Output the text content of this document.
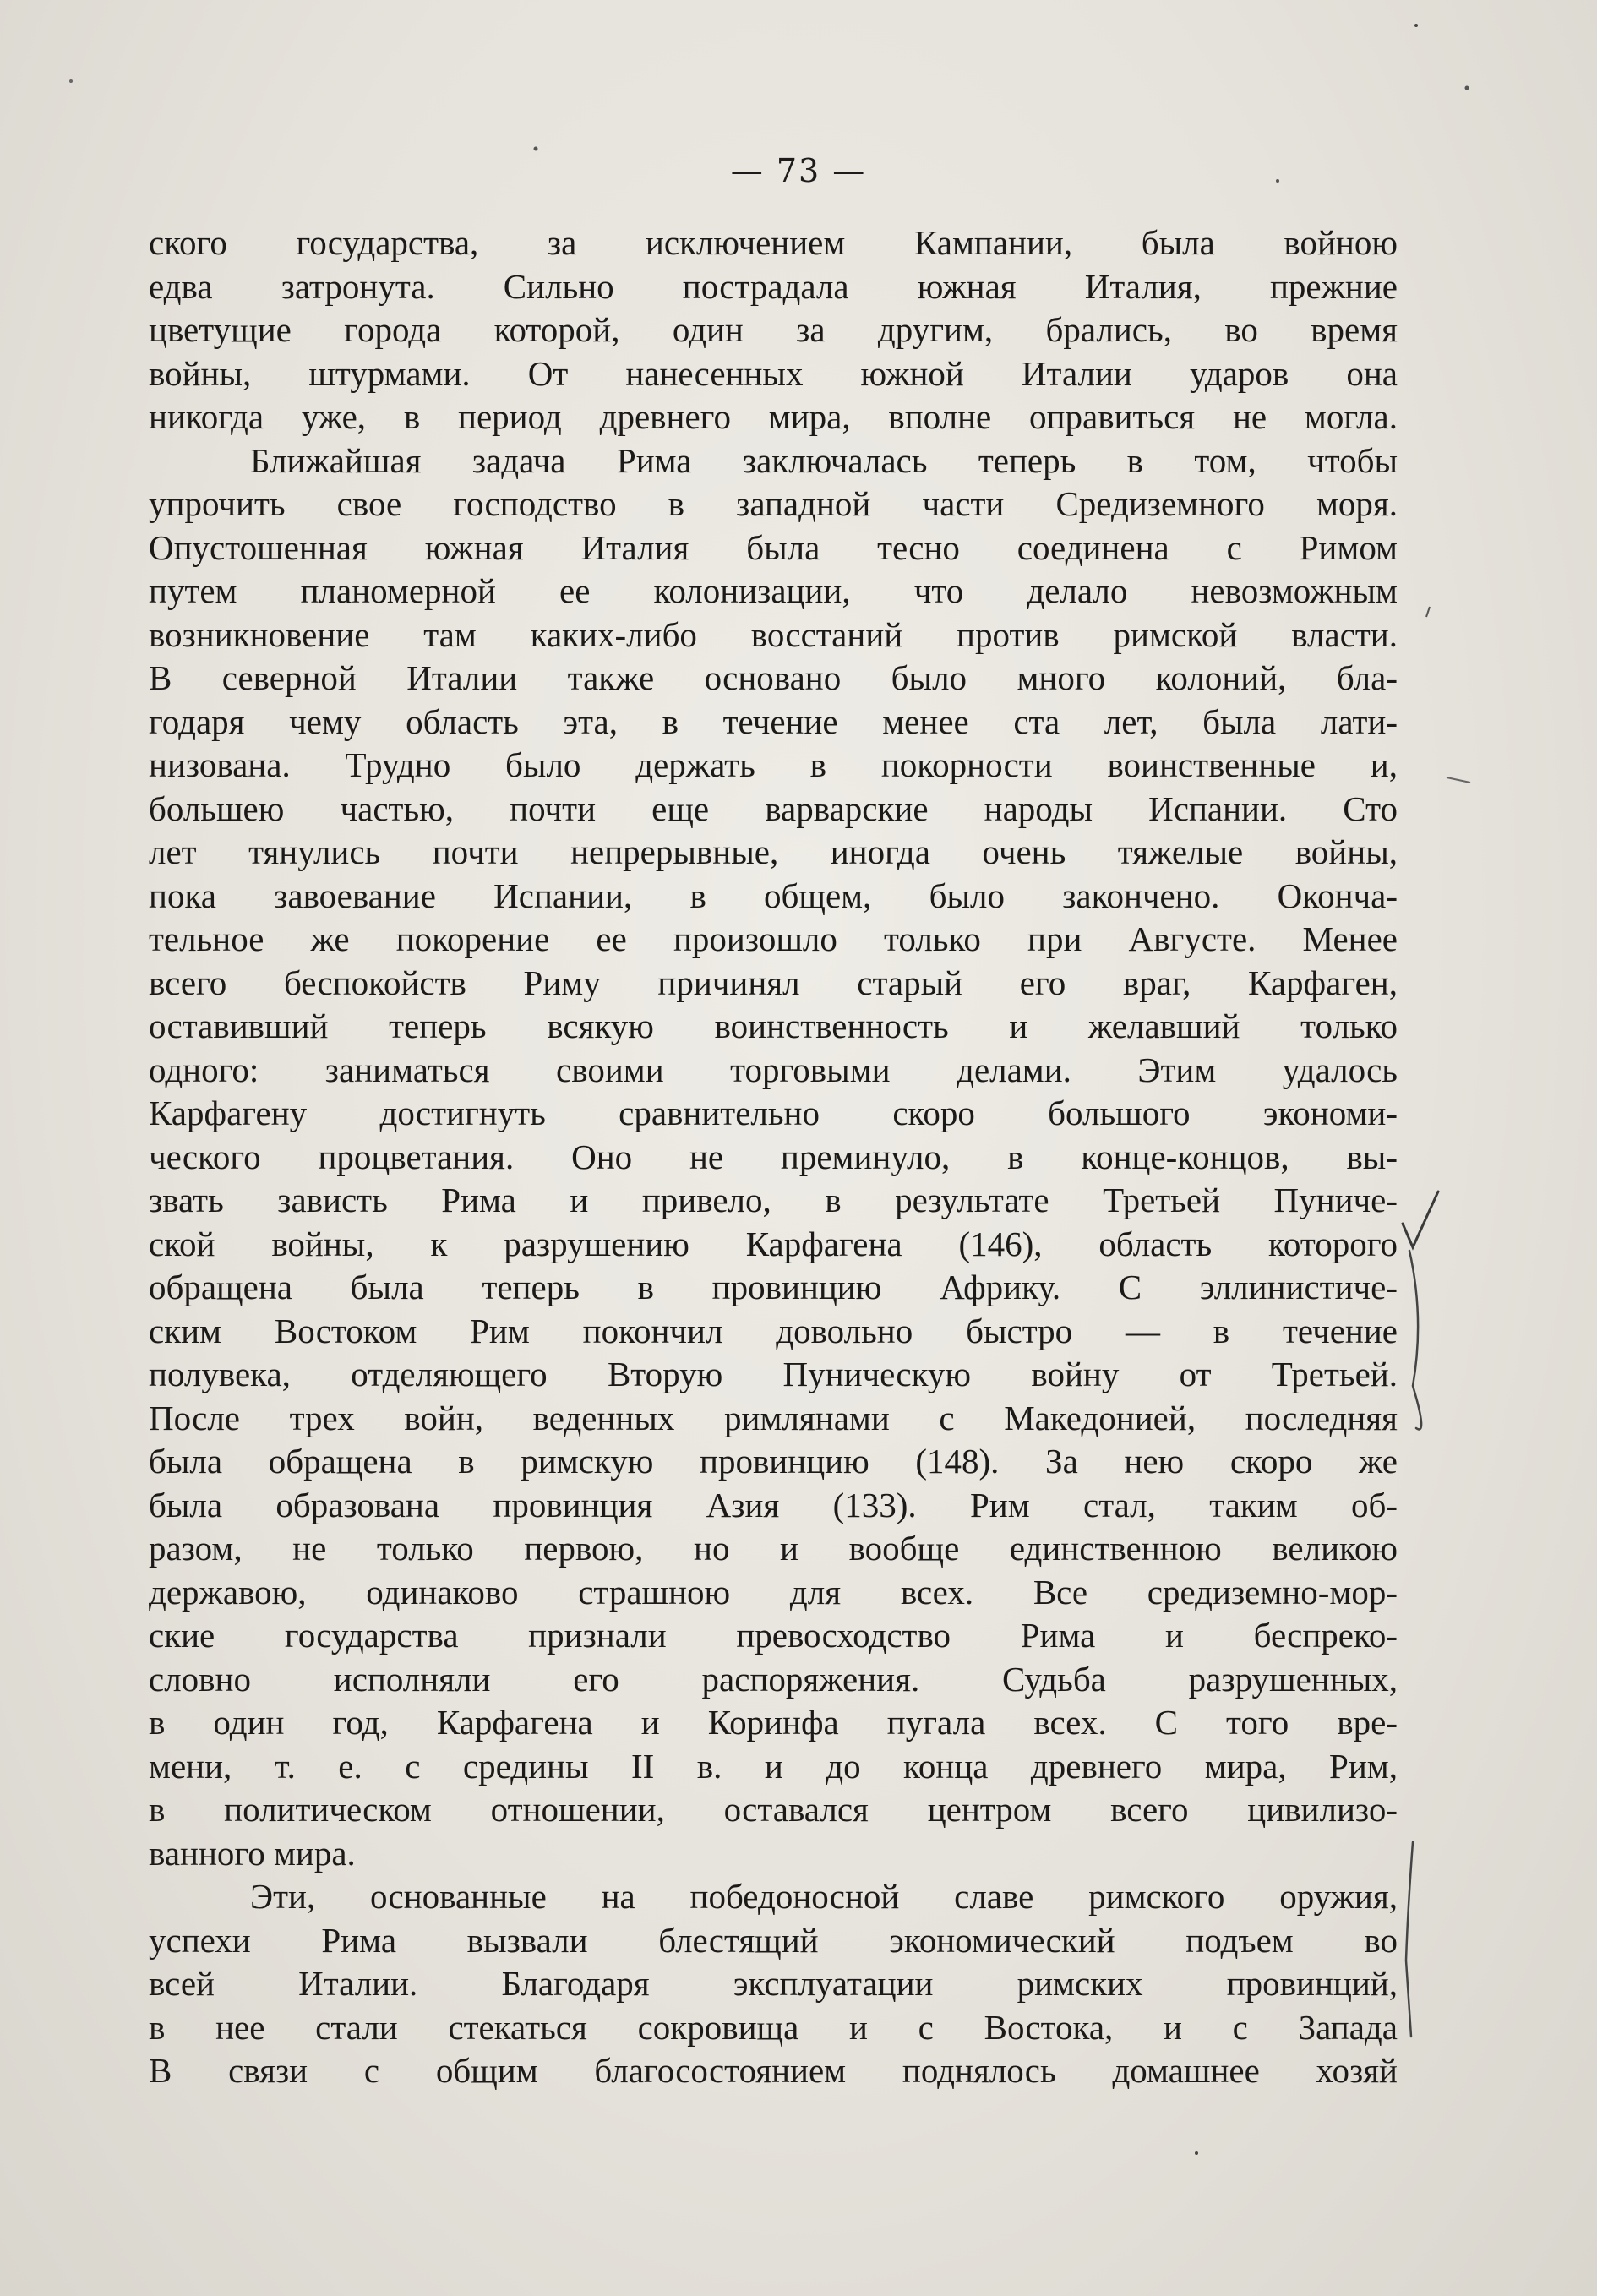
— 73 —
ского государства, за исключением Кампании, была войною
едва затронута. Сильно пострадала южная Италия, прежние
цветущие города которой, один за другим, брались, во время
войны, штурмами. От нанесенных южной Италии ударов она
никогда уже, в период древнего мира, вполне оправиться не могла.
Ближайшая задача Рима заключалась теперь в том, чтобы
упрочить свое господство в западной части Средиземного моря.
Опустошенная южная Италия была тесно соединена с Римом
путем планомерной ее колонизации, что делало невозможным
возникновение там каких-либо восстаний против римской власти.
В северной Италии также основано было много колоний, бла-
годаря чему область эта, в течение менее ста лет, была лати-
низована. Трудно было держать в покорности воинственные и,
большею частью, почти еще варварские народы Испании. Сто
лет тянулись почти непрерывные, иногда очень тяжелые войны,
пока завоевание Испании, в общем, было закончено. Оконча-
тельное же покорение ее произошло только при Августе. Менее
всего беспокойств Риму причинял старый его враг, Карфаген,
оставивший теперь всякую воинственность и желавший только
одного: заниматься своими торговыми делами. Этим удалось
Карфагену достигнуть сравнительно скоро большого экономи-
ческого процветания. Оно не преминуло, в конце-концов, вы-
звать зависть Рима и привело, в результате Третьей Пуниче-
ской войны, к разрушению Карфагена (146), область которого
обращена была теперь в провинцию Африку. С эллинистиче-
ским Востоком Рим покончил довольно быстро — в течение
полувека, отделяющего Вторую Пуническую войну от Третьей.
После трех войн, веденных римлянами с Македонией, последняя
была обращена в римскую провинцию (148). За нею скоро же
была образована провинция Азия (133). Рим стал, таким об-
разом, не только первою, но и вообще единственною великою
державою, одинаково страшною для всех. Все средиземно-мор-
ские государства признали превосходство Рима и беспреко-
словно исполняли его распоряжения. Судьба разрушенных,
в один год, Карфагена и Коринфа пугала всех. С того вре-
мени, т. е. с средины II в. и до конца древнего мира, Рим,
в политическом отношении, оставался центром всего цивилизо-
ванного мира.
Эти, основанные на победоносной славе римского оружия,
успехи Рима вызвали блестящий экономический подъем во
всей Италии. Благодаря эксплуатации римских провинций,
в нее стали стекаться сокровища и с Востока, и с Запада
В связи с общим благосостоянием поднялось домашнее хозяй
